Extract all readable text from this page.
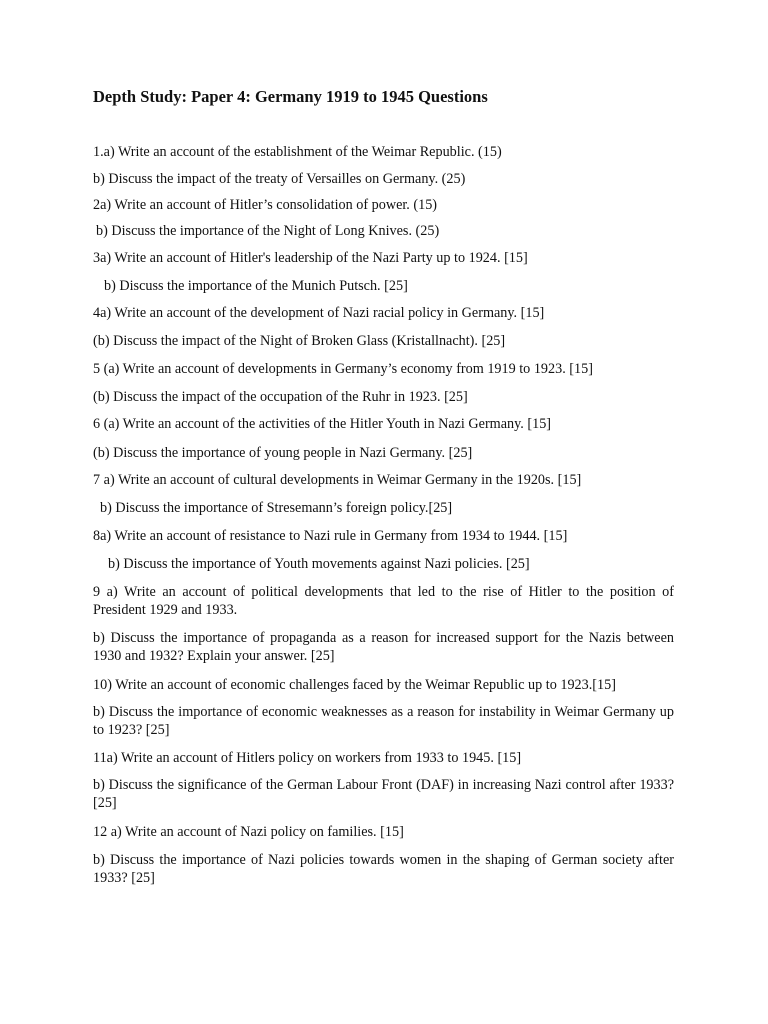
Depth Study: Paper 4: Germany 1919 to 1945 Questions

1.a) Write an account of the establishment of the Weimar Republic. (15)

b) Discuss the impact of the treaty of Versailles on Germany. (25)

2a) Write an account of Hitler’s consolidation of power. (15)

b) Discuss the importance of the Night of Long Knives. (25)

3a) Write an account of Hitler's leadership of the Nazi Party up to 1924. [15]

b) Discuss the importance of the Munich Putsch. [25]

4a) Write an account of the development of Nazi racial policy in Germany. [15]

(b) Discuss the impact of the Night of Broken Glass (Kristallnacht). [25]

5 (a) Write an account of developments in Germany’s economy from 1919 to 1923. [15]

(b) Discuss the impact of the occupation of the Ruhr in 1923. [25]

6 (a) Write an account of the activities of the Hitler Youth in Nazi Germany. [15]

(b) Discuss the importance of young people in Nazi Germany. [25]

7 a) Write an account of cultural developments in Weimar Germany in the 1920s. [15]

b) Discuss the importance of Stresemann’s foreign policy.[25]

8a) Write an account of resistance to Nazi rule in Germany from 1934 to 1944. [15]

b) Discuss the importance of Youth movements against Nazi policies. [25]

9 a) Write an account of political developments that led to the rise of Hitler to the position of President 1929 and 1933.

b) Discuss the importance of propaganda as a reason for increased support for the Nazis between 1930 and 1932? Explain your answer. [25]

10) Write an account of economic challenges faced by the Weimar Republic up to 1923.[15]

b) Discuss the importance of economic weaknesses as a reason for instability in Weimar Germany up to 1923? [25]

11a) Write an account of Hitlers policy on workers from 1933 to 1945. [15]

b) Discuss the significance of the German Labour Front (DAF) in increasing Nazi control after 1933? [25]

12 a) Write an account of Nazi policy on families. [15]

b) Discuss the importance of Nazi policies towards women in the shaping of German society after 1933? [25]
